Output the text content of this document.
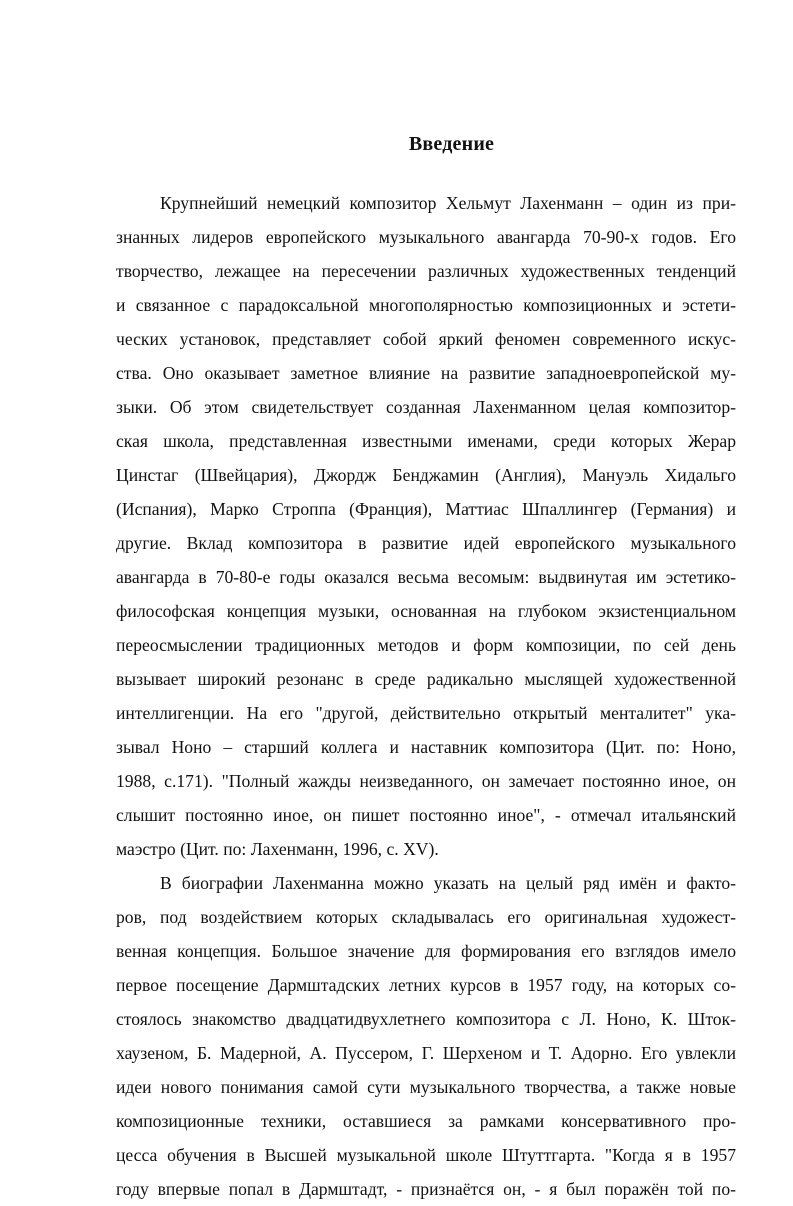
Введение
Крупнейший немецкий композитор Хельмут Лахенманн – один из при-
знанных лидеров европейского музыкального авангарда 70-90-х годов. Его
творчество, лежащее на пересечении различных художественных тенденций
и связанное с парадоксальной многополярностью композиционных и эстети-
ческих установок, представляет собой яркий феномен современного искус-
ства. Оно оказывает заметное влияние на развитие западноевропейской му-
зыки. Об этом свидетельствует созданная Лахенманном целая композитор-
ская школа, представленная известными именами, среди которых Жерар
Цинстаг (Швейцария), Джордж Бенджамин (Англия), Мануэль Хидальго
(Испания), Марко Строппа (Франция), Маттиас Шпаллингер (Германия) и
другие. Вклад композитора в развитие идей европейского музыкального
авангарда в 70-80-е годы оказался весьма весомым: выдвинутая им эстетико-
философская концепция музыки, основанная на глубоком экзистенциальном
переосмыслении традиционных методов и форм композиции, по сей день
вызывает широкий резонанс в среде радикально мыслящей художественной
интеллигенции. На его "другой, действительно открытый менталитет" ука-
зывал Ноно – старший коллега и наставник композитора (Цит. по: Ноно,
1988, с.171). "Полный жажды неизведанного, он замечает постоянно иное, он
слышит постоянно иное, он пишет постоянно иное", - отмечал итальянский
маэстро (Цит. по: Лахенманн, 1996, с. XV).
В биографии Лахенманна можно указать на целый ряд имён и факто-
ров, под воздействием которых складывалась его оригинальная художест-
венная концепция. Большое значение для формирования его взглядов имело
первое посещение Дармштадских летних курсов в 1957 году, на которых со-
стоялось знакомство двадцатидвухлетнего композитора с Л. Ноно, К. Шток-
хаузеном, Б. Мадерной, А. Пуссером, Г. Шерхеном и Т. Адорно. Его увлекли
идеи нового понимания самой сути музыкального творчества, а также новые
композиционные техники, оставшиеся за рамками консервативного про-
цесса обучения в Высшей музыкальной школе Штуттгарта. "Когда я в 1957
году впервые попал в Дармштадт, - признаётся он, - я был поражён той по-
